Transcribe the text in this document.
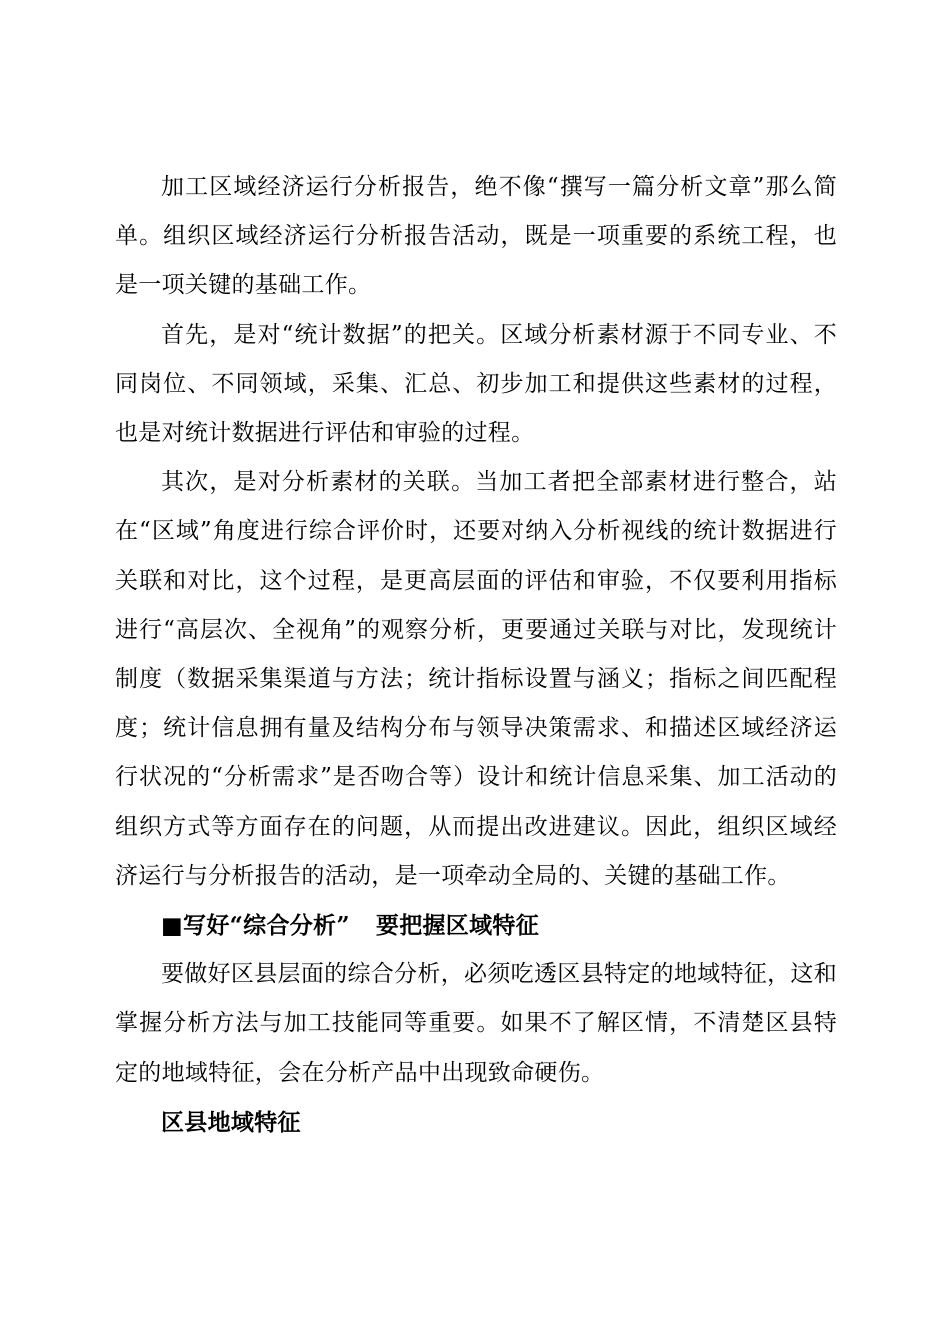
加工区域经济运行分析报告，绝不像“撰写一篇分析文章”那么简单。组织区域经济运行分析报告活动，既是一项重要的系统工程，也是一项关键的基础工作。

首先，是对“统计数据”的把关。区域分析素材源于不同专业、不同岗位、不同领域，采集、汇总、初步加工和提供这些素材的过程，也是对统计数据进行评估和审验的过程。

其次，是对分析素材的关联。当加工者把全部素材进行整合，站在“区域”角度进行综合评价时，还要对纳入分析视线的统计数据进行关联和对比，这个过程，是更高层面的评估和审验，不仅要利用指标进行“高层次、全视角”的观察分析，更要通过关联与对比，发现统计制度（数据采集渠道与方法；统计指标设置与涵义；指标之间匹配程度；统计信息拥有量及结构分布与领导决策需求、和描述区域经济运行状况的“分析需求”是否吻合等）设计和统计信息采集、加工活动的组织方式等方面存在的问题，从而提出改进建议。因此，组织区域经济运行与分析报告的活动，是一项牵动全局的、关键的基础工作。

■写好“综合分析” 要把握区域特征

要做好区县层面的综合分析，必须吃透区县特定的地域特征，这和掌握分析方法与加工技能同等重要。如果不了解区情，不清楚区县特定的地域特征，会在分析产品中出现致命硬伤。

区县地域特征
